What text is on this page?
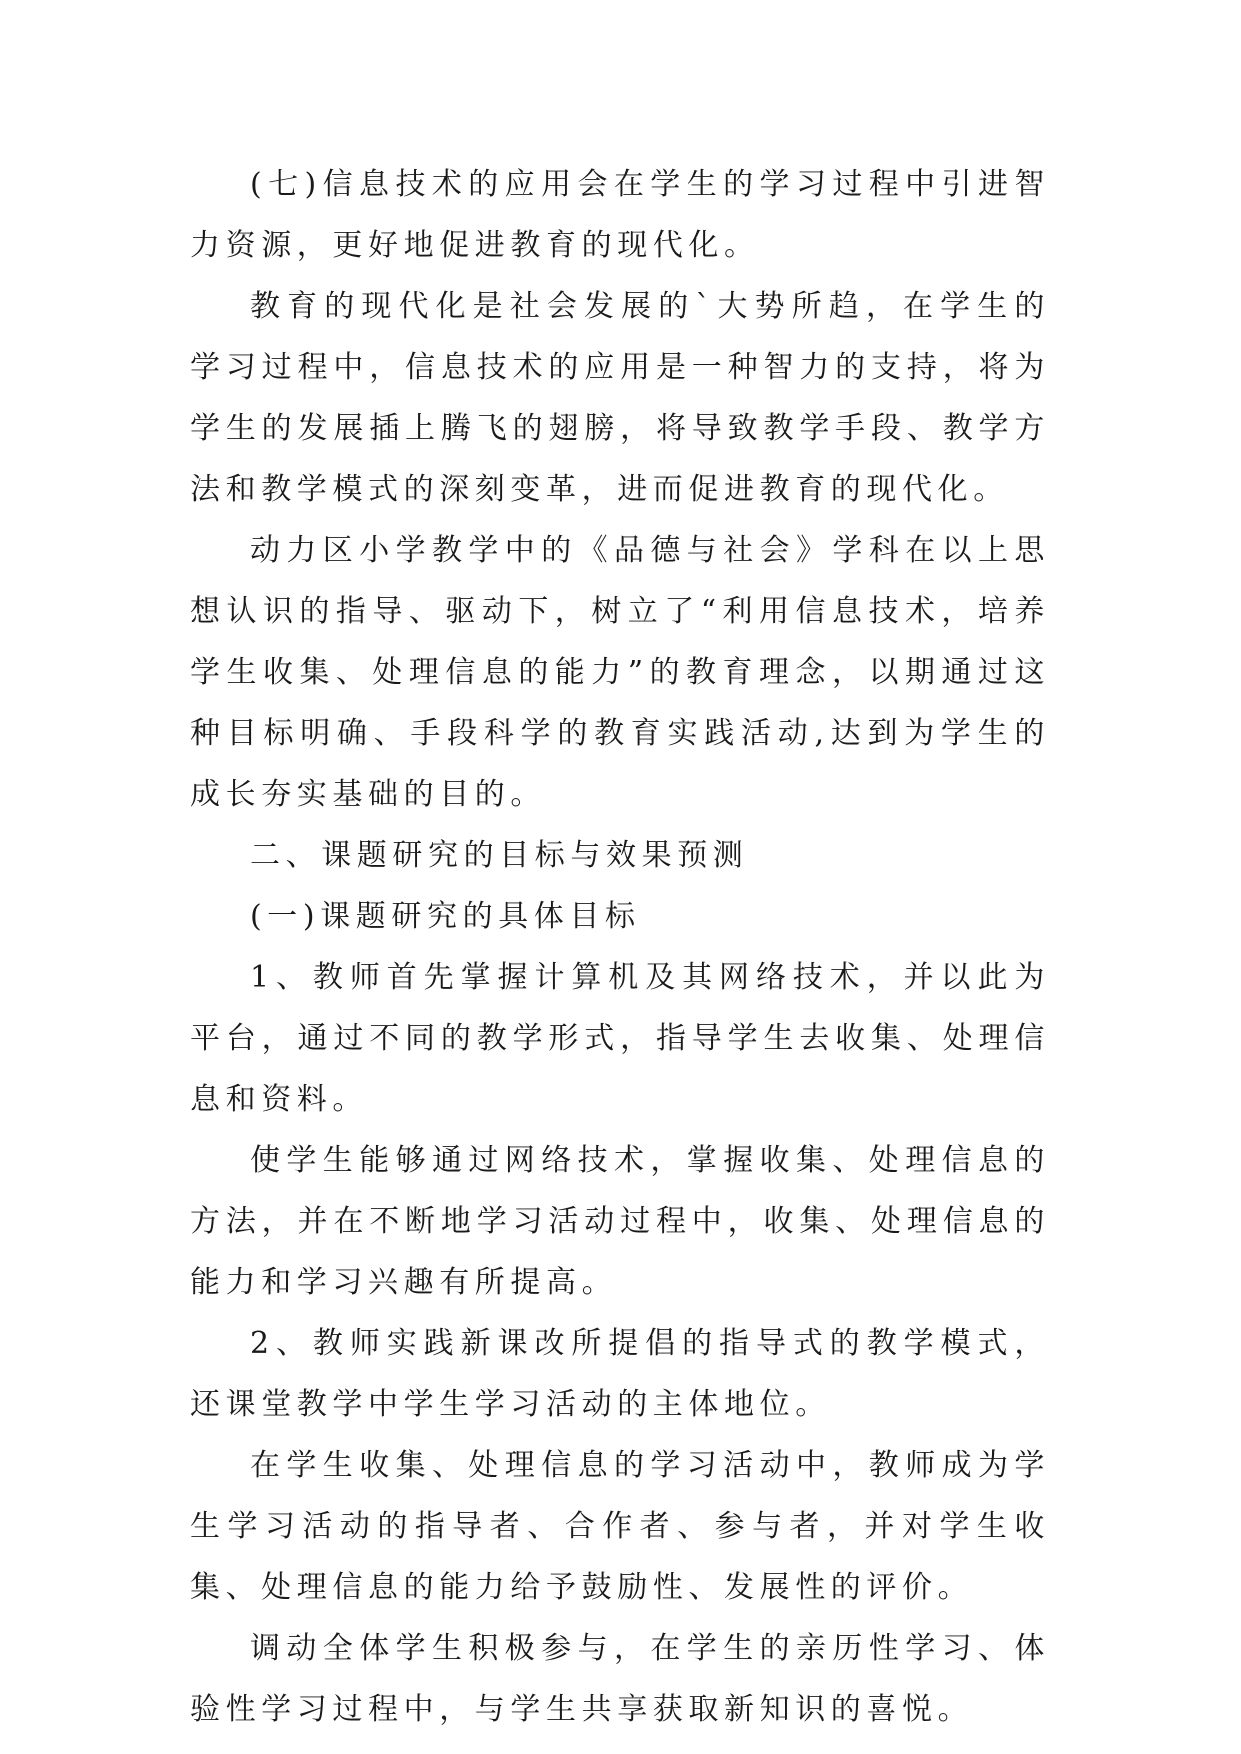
(七)信息技术的应用会在学生的学习过程中引进智力资源，更好地促进教育的现代化。

教育的现代化是社会发展的`大势所趋，在学生的学习过程中，信息技术的应用是一种智力的支持，将为学生的发展插上腾飞的翅膀，将导致教学手段、教学方法和教学模式的深刻变革，进而促进教育的现代化。

动力区小学教学中的《品德与社会》学科在以上思想认识的指导、驱动下，树立了“利用信息技术，培养学生收集、处理信息的能力”的教育理念，以期通过这种目标明确、手段科学的教育实践活动,达到为学生的成长夯实基础的目的。

二、课题研究的目标与效果预测

(一)课题研究的具体目标

1、教师首先掌握计算机及其网络技术，并以此为平台，通过不同的教学形式，指导学生去收集、处理信息和资料。

使学生能够通过网络技术，掌握收集、处理信息的方法，并在不断地学习活动过程中，收集、处理信息的能力和学习兴趣有所提高。

2、教师实践新课改所提倡的指导式的教学模式，还课堂教学中学生学习活动的主体地位。

在学生收集、处理信息的学习活动中，教师成为学生学习活动的指导者、合作者、参与者，并对学生收集、处理信息的能力给予鼓励性、发展性的评价。

调动全体学生积极参与，在学生的亲历性学习、体验性学习过程中，与学生共享获取新知识的喜悦。
